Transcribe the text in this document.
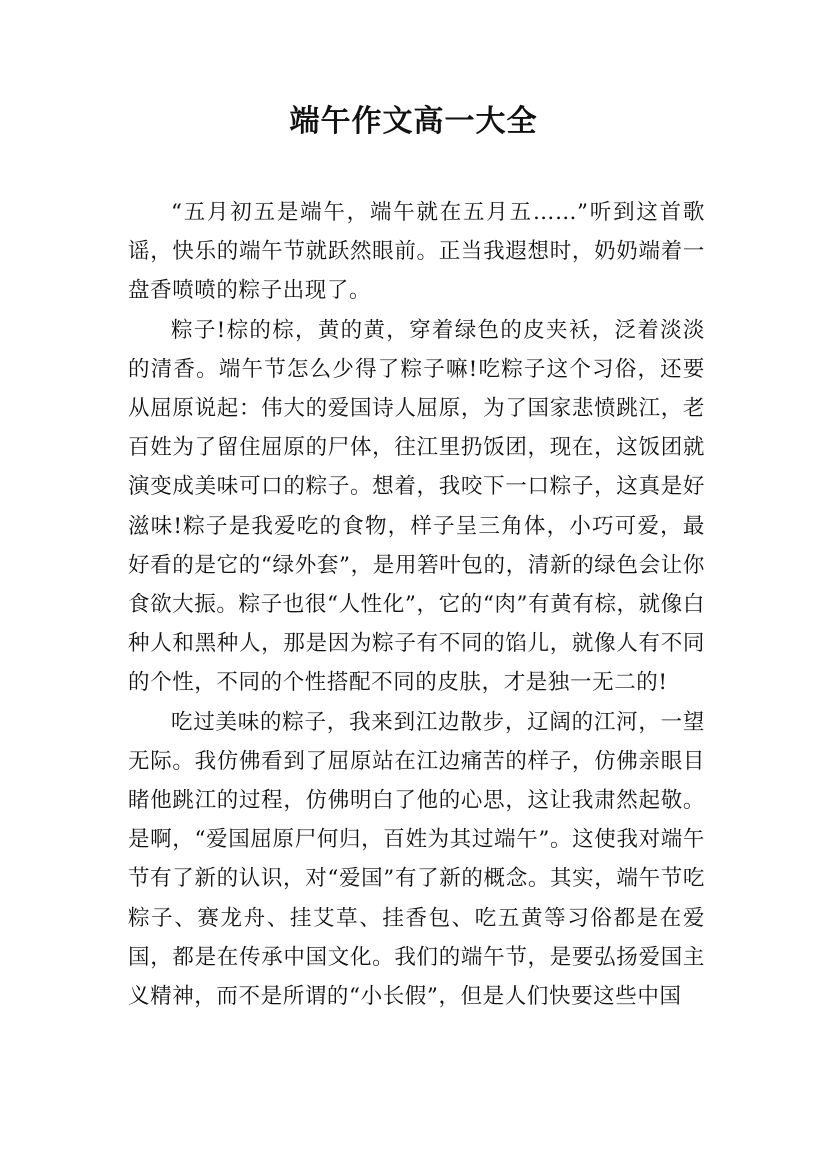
端午作文高一大全

“五月初五是端午，端午就在五月五……”听到这首歌谣，快乐的端午节就跃然眼前。正当我遐想时，奶奶端着一盘香喷喷的粽子出现了。

粽子!棕的棕，黄的黄，穿着绿色的皮夹袄，泛着淡淡的清香。端午节怎么少得了粽子嘛!吃粽子这个习俗，还要从屈原说起：伟大的爱国诗人屈原，为了国家悲愤跳江，老百姓为了留住屈原的尸体，往江里扔饭团，现在，这饭团就演变成美味可口的粽子。想着，我咬下一口粽子，这真是好滋味!粽子是我爱吃的食物，样子呈三角体，小巧可爱，最好看的是它的“绿外套”，是用箬叶包的，清新的绿色会让你食欲大振。粽子也很“人性化”，它的“肉”有黄有棕，就像白种人和黑种人，那是因为粽子有不同的馅儿，就像人有不同的个性，不同的个性搭配不同的皮肤，才是独一无二的!

吃过美味的粽子，我来到江边散步，辽阔的江河，一望无际。我仿佛看到了屈原站在江边痛苦的样子，仿佛亲眼目睹他跳江的过程，仿佛明白了他的心思，这让我肃然起敬。是啊，“爱国屈原尸何归，百姓为其过端午”。这使我对端午节有了新的认识，对“爱国”有了新的概念。其实，端午节吃粽子、赛龙舟、挂艾草、挂香包、吃五黄等习俗都是在爱国，都是在传承中国文化。我们的端午节，是要弘扬爱国主义精神，而不是所谓的“小长假”，但是人们快要这些中国
